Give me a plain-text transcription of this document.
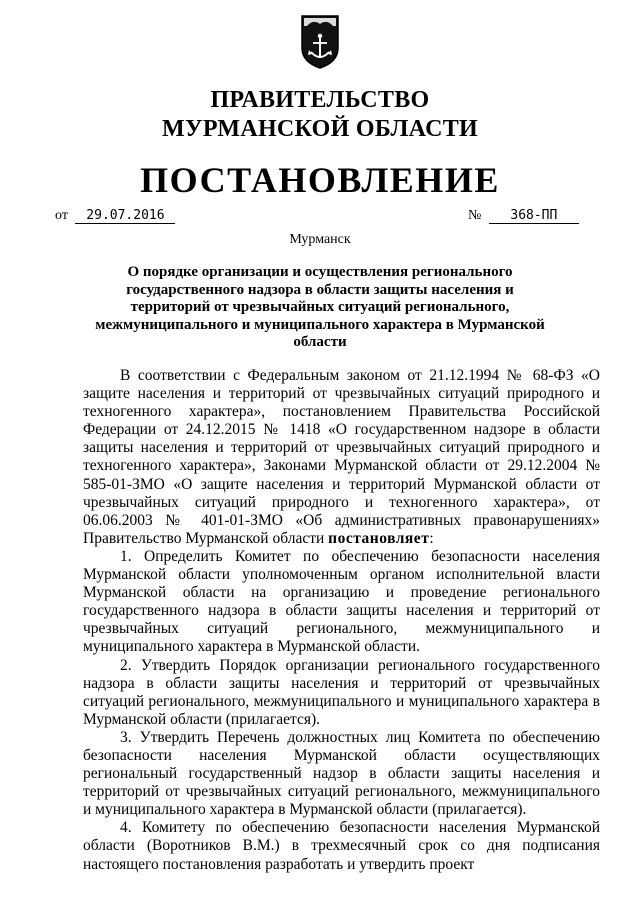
ПРАВИТЕЛЬСТВО
МУРМАНСКОЙ ОБЛАСТИ
ПОСТАНОВЛЕНИЕ
от 29.07.2016	№ 368-ПП
Мурманск
О порядке организации и осуществления регионального государственного надзора в области защиты населения и территорий от чрезвычайных ситуаций регионального, межмуниципального и муниципального характера в Мурманской области

В соответствии с Федеральным законом от 21.12.1994 № 68-ФЗ «О защите населения и территорий от чрезвычайных ситуаций природного и техногенного характера», постановлением Правительства Российской Федерации от 24.12.2015 № 1418 «О государственном надзоре в области защиты населения и территорий от чрезвычайных ситуаций природного и техногенного характера», Законами Мурманской области от 29.12.2004 № 585-01-ЗМО «О защите населения и территорий Мурманской области от чрезвычайных ситуаций природного и техногенного характера», от 06.06.2003 № 401-01-ЗМО «Об административных правонарушениях» Правительство Мурманской области постановляет:

1. Определить Комитет по обеспечению безопасности населения Мурманской области уполномоченным органом исполнительной власти Мурманской области на организацию и проведение регионального государственного надзора в области защиты населения и территорий от чрезвычайных ситуаций регионального, межмуниципального и муниципального характера в Мурманской области.

2. Утвердить Порядок организации регионального государственного надзора в области защиты населения и территорий от чрезвычайных ситуаций регионального, межмуниципального и муниципального характера в Мурманской области (прилагается).

3. Утвердить Перечень должностных лиц Комитета по обеспечению безопасности населения Мурманской области осуществляющих региональный государственный надзор в области защиты населения и территорий от чрезвычайных ситуаций регионального, межмуниципального и муниципального характера в Мурманской области (прилагается).

4. Комитету по обеспечению безопасности населения Мурманской области (Воротников В.М.) в трехмесячный срок со дня подписания настоящего постановления разработать и утвердить проект
